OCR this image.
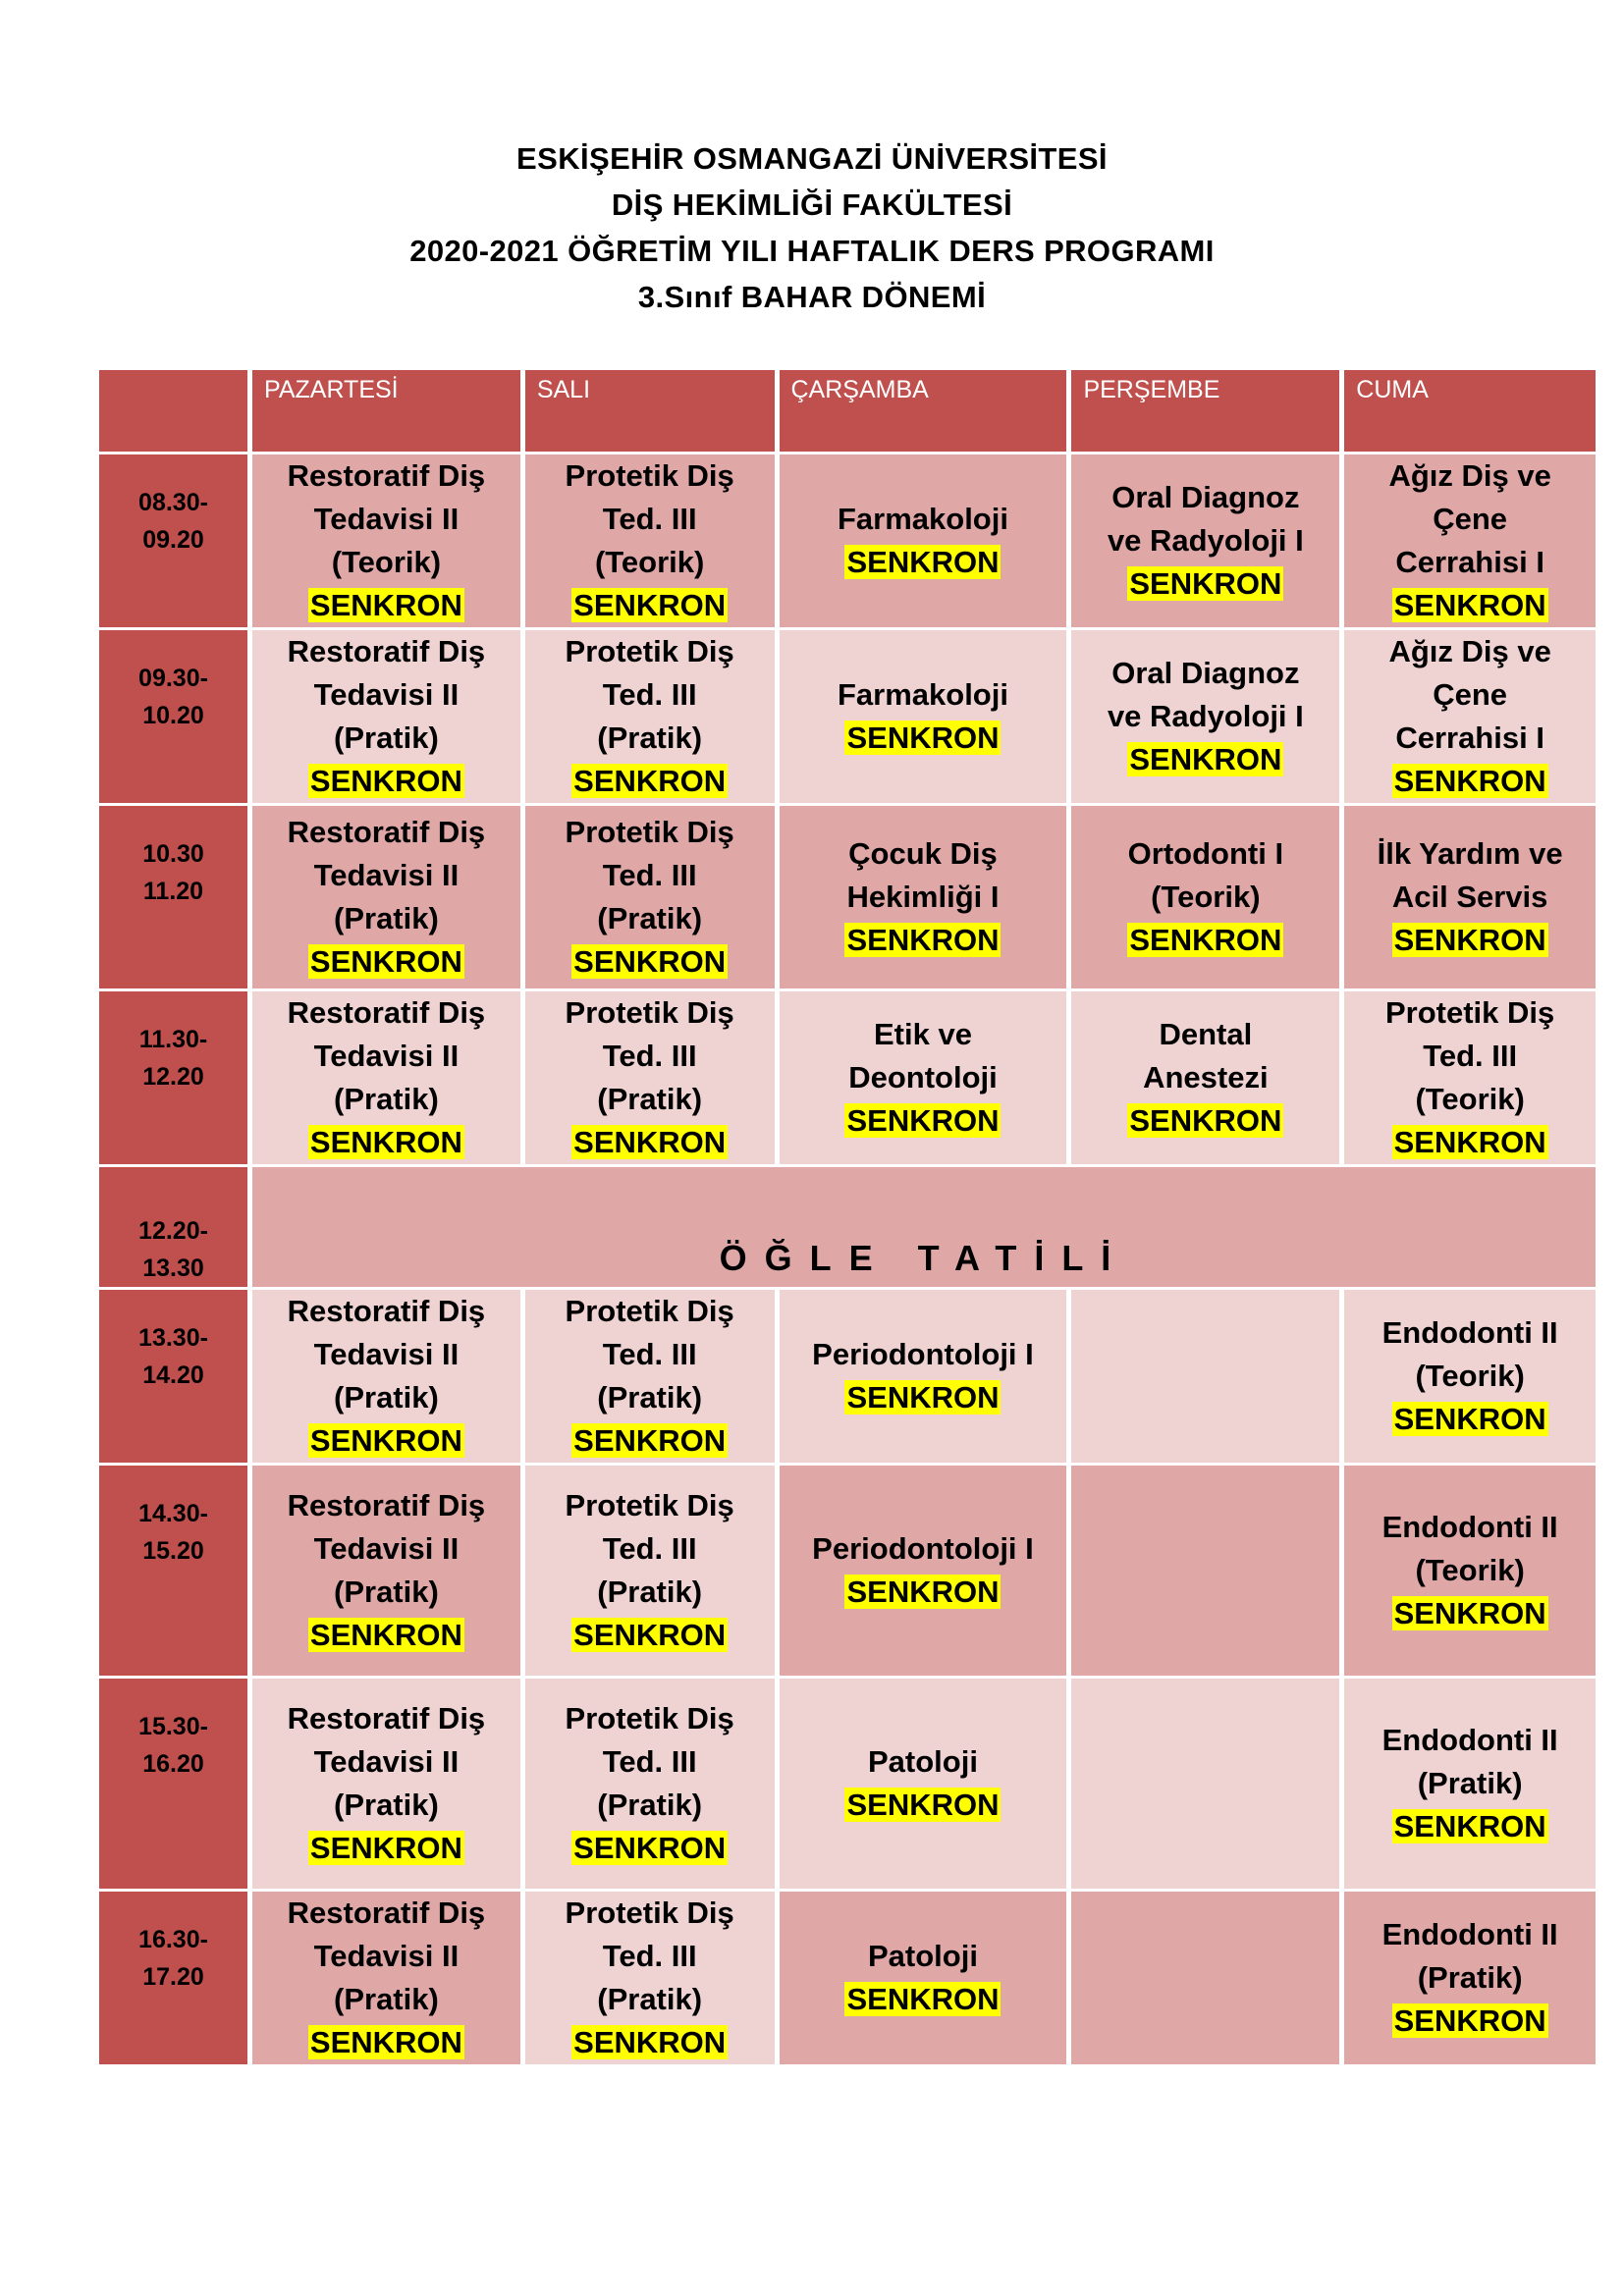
ESKİŞEHİR OSMANGAZİ ÜNİVERSİTESİ
DİŞ HEKİMLİĞİ FAKÜLTESİ
2020-2021 ÖĞRETİM YILI HAFTALIK DERS PROGRAMI
3.Sınıf BAHAR DÖNEMİ
	PAZARTESİ	SALI	ÇARŞAMBA	PERŞEMBE	CUMA

08.30-
09.20	Restoratif Diş
Tedavisi II
(Teorik)
SENKRON	Protetik Diş
Ted. III
(Teorik)
SENKRON	Farmakoloji
SENKRON	Oral Diagnoz
ve Radyoloji I
SENKRON	Ağız Diş ve
Çene
Cerrahisi I
SENKRON

09.30-
10.20	Restoratif Diş
Tedavisi II
(Pratik)
SENKRON	Protetik Diş
Ted. III
(Pratik)
SENKRON	Farmakoloji
SENKRON	Oral Diagnoz
ve Radyoloji I
SENKRON	Ağız Diş ve
Çene
Cerrahisi I
SENKRON

10.30
11.20	Restoratif Diş
Tedavisi II
(Pratik)
SENKRON	Protetik Diş
Ted. III
(Pratik)
SENKRON	Çocuk Diş
Hekimliği I
SENKRON	Ortodonti I
(Teorik)
SENKRON	İlk Yardım ve
Acil Servis
SENKRON

11.30-
12.20	Restoratif Diş
Tedavisi II
(Pratik)
SENKRON	Protetik Diş
Ted. III
(Pratik)
SENKRON	Etik ve
Deontoloji
SENKRON	Dental
Anestezi
SENKRON	Protetik Diş
Ted. III
(Teorik)
SENKRON

12.20-
13.30	ÖĞLE TATİLİ				

13.30-
14.20	Restoratif Diş
Tedavisi II
(Pratik)
SENKRON	Protetik Diş
Ted. III
(Pratik)
SENKRON	Periodontoloji I
SENKRON		Endodonti II
(Teorik)
SENKRON

14.30-
15.20	Restoratif Diş
Tedavisi II
(Pratik)
SENKRON	Protetik Diş
Ted. III
(Pratik)
SENKRON	Periodontoloji I
SENKRON		Endodonti II
(Teorik)
SENKRON

15.30-
16.20	Restoratif Diş
Tedavisi II
(Pratik)
SENKRON	Protetik Diş
Ted. III
(Pratik)
SENKRON	Patoloji
SENKRON		Endodonti II
(Pratik)
SENKRON

16.30-
17.20	Restoratif Diş
Tedavisi II
(Pratik)
SENKRON	Protetik Diş
Ted. III
(Pratik)
SENKRON	Patoloji
SENKRON		Endodonti II
(Pratik)
SENKRON
